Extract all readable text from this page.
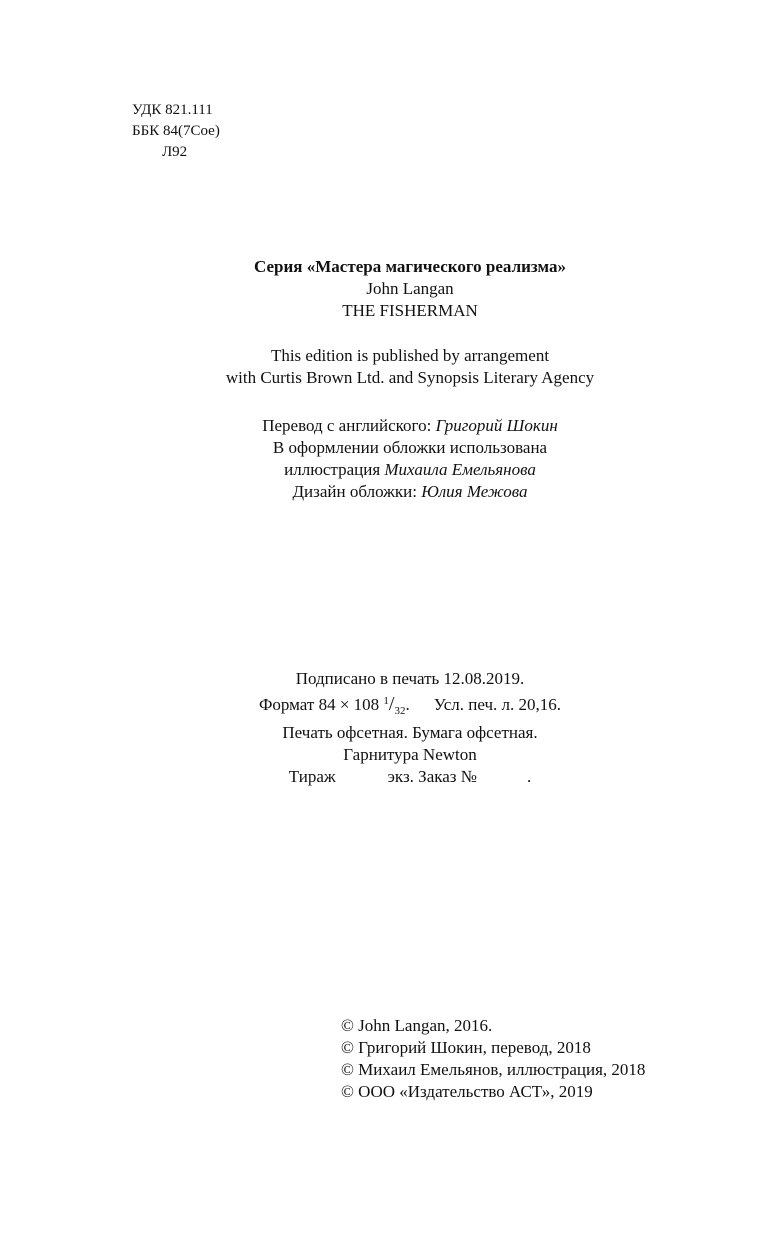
УДК 821.111
ББК 84(7Сое)
Л92
Серия «Мастера магического реализма»
John Langan
THE FISHERMAN
This edition is published by arrangement
with Curtis Brown Ltd. and Synopsis Literary Agency
Перевод с английского: Григорий Шокин
В оформлении обложки использована
иллюстрация Михаила Емельянова
Дизайн обложки: Юлия Межова
Подписано в печать 12.08.2019.
Формат 84 × 108 $^1/_{32}$. Усл. печ. л. 20,16.
Печать офсетная. Бумага офсетная.
Гарнитура Newton
Тираж	экз. Заказ №	.
© John Langan, 2016.
© Григорий Шокин, перевод, 2018
© Михаил Емельянов, иллюстрация, 2018
© ООО «Издательство АСТ», 2019
